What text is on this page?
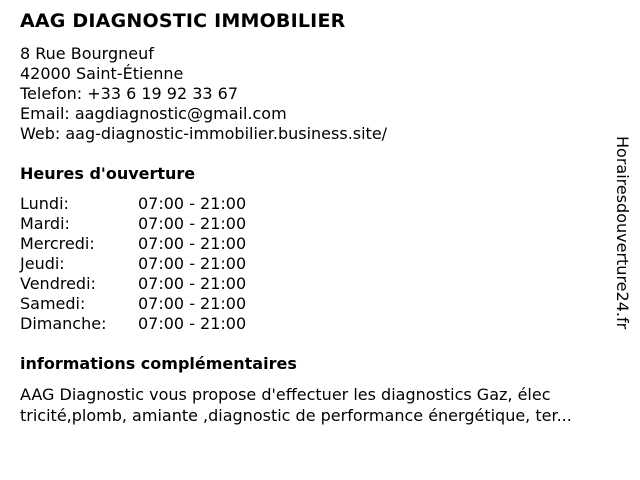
AAG DIAGNOSTIC IMMOBILIER
8 Rue Bourgneuf
42000 Saint-Étienne
Telefon: +33 6 19 92 33 67
Email: aagdiagnostic@gmail.com
Web: aag-diagnostic-immobilier.business.site/
Heures d'ouverture
Lundi:	07:00 - 21:00
Mardi:	07:00 - 21:00
Mercredi:	07:00 - 21:00
Jeudi:	07:00 - 21:00
Vendredi:	07:00 - 21:00
Samedi:	07:00 - 21:00
Dimanche:	07:00 - 21:00
informations complémentaires
AAG Diagnostic vous propose d'effectuer les diagnostics Gaz, élec
tricité,plomb, amiante ,diagnostic de performance énergétique, ter...
Horairesdouverture24.fr
